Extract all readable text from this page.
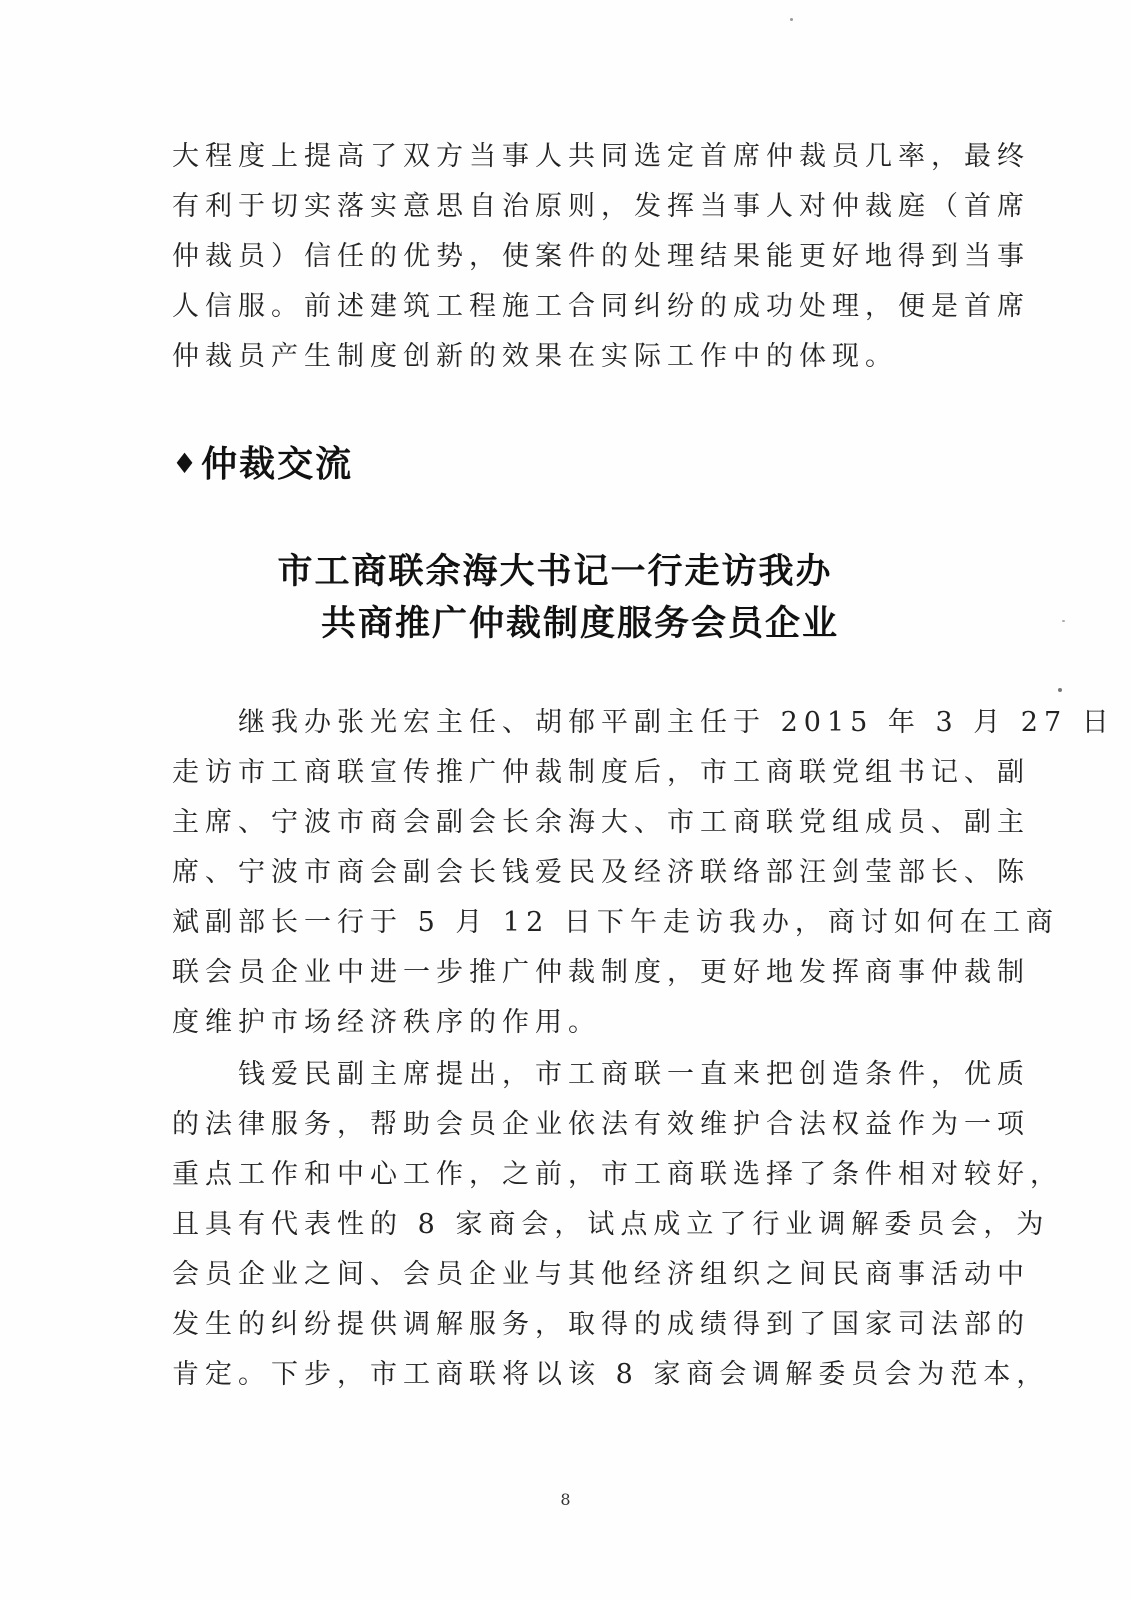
大程度上提高了双方当事人共同选定首席仲裁员几率，最终
有利于切实落实意思自治原则，发挥当事人对仲裁庭（首席
仲裁员）信任的优势，使案件的处理结果能更好地得到当事
人信服。前述建筑工程施工合同纠纷的成功处理，便是首席
仲裁员产生制度创新的效果在实际工作中的体现。
♦仲裁交流
市工商联余海大书记一行走访我办
共商推广仲裁制度服务会员企业
　　继我办张光宏主任、胡郁平副主任于 2015 年 3 月 27 日
走访市工商联宣传推广仲裁制度后，市工商联党组书记、副
主席、宁波市商会副会长余海大、市工商联党组成员、副主
席、宁波市商会副会长钱爱民及经济联络部汪剑莹部长、陈
斌副部长一行于 5 月 12 日下午走访我办，商讨如何在工商
联会员企业中进一步推广仲裁制度，更好地发挥商事仲裁制
度维护市场经济秩序的作用。
　　钱爱民副主席提出，市工商联一直来把创造条件，优质
的法律服务，帮助会员企业依法有效维护合法权益作为一项
重点工作和中心工作，之前，市工商联选择了条件相对较好，
且具有代表性的 8 家商会，试点成立了行业调解委员会，为
会员企业之间、会员企业与其他经济组织之间民商事活动中
发生的纠纷提供调解服务，取得的成绩得到了国家司法部的
肯定。下步，市工商联将以该 8 家商会调解委员会为范本，
8
